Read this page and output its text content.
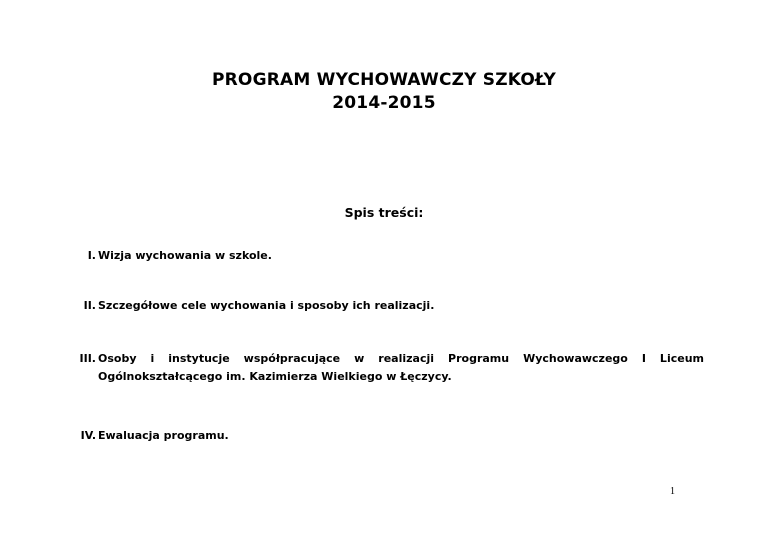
PROGRAM WYCHOWAWCZY SZKOŁY
2014-2015
Spis treści:
I. Wizja wychowania w szkole.
II. Szczegółowe cele wychowania i sposoby ich realizacji.
III. Osoby i instytucje współpracujące w realizacji Programu Wychowawczego I Liceum Ogólnokształcącego im. Kazimierza Wielkiego w Łęczycy.
IV. Ewaluacja programu.
1
